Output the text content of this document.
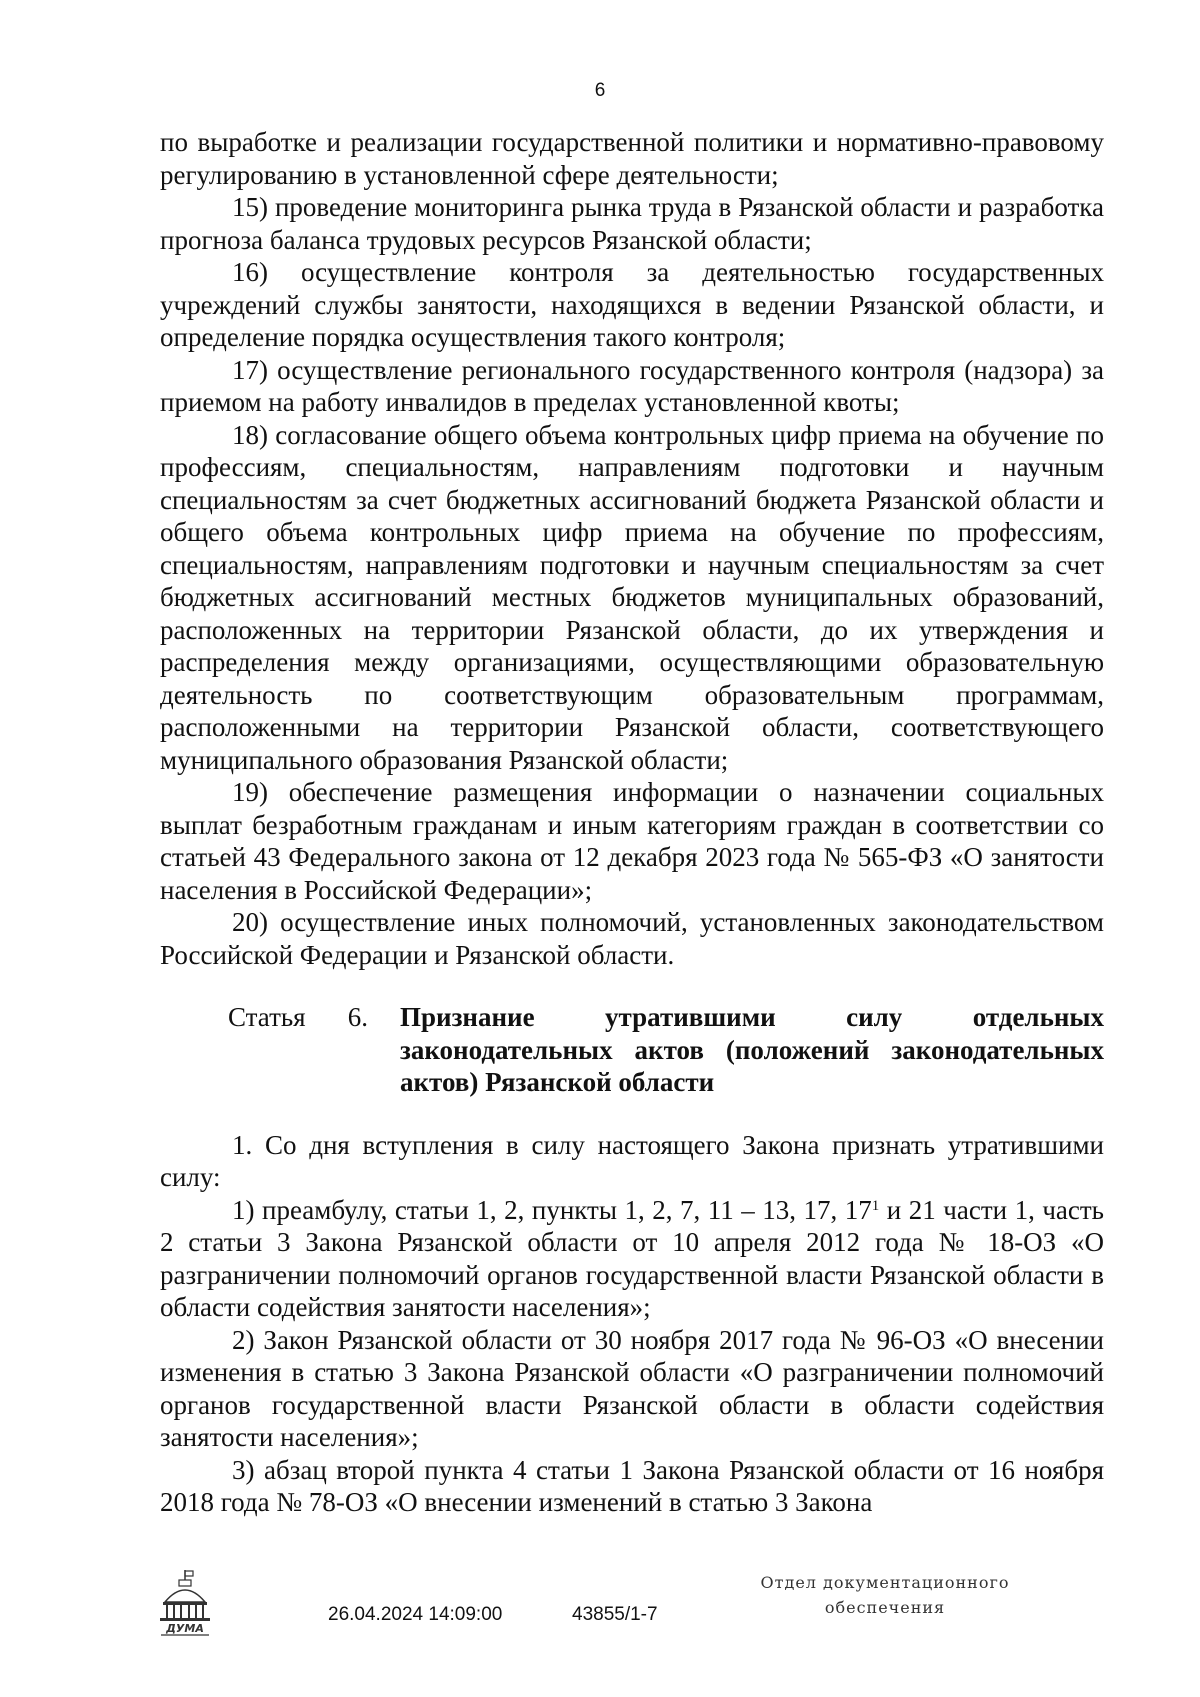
6

по выработке и реализации государственной политики и нормативно-правовому регулированию в установленной сфере деятельности;

15) проведение мониторинга рынка труда в Рязанской области и разработка прогноза баланса трудовых ресурсов Рязанской области;

16) осуществление контроля за деятельностью государственных учреждений службы занятости, находящихся в ведении Рязанской области, и определение порядка осуществления такого контроля;

17) осуществление регионального государственного контроля (надзора) за приемом на работу инвалидов в пределах установленной квоты;

18) согласование общего объема контрольных цифр приема на обучение по профессиям, специальностям, направлениям подготовки и научным специальностям за счет бюджетных ассигнований бюджета Рязанской области и общего объема контрольных цифр приема на обучение по профессиям, специальностям, направлениям подготовки и научным специальностям за счет бюджетных ассигнований местных бюджетов муниципальных образований, расположенных на территории Рязанской области, до их утверждения и распределения между организациями, осуществляющими образовательную деятельность по соответствующим образовательным программам, расположенными на территории Рязанской области, соответствующего муниципального образования Рязанской области;

19) обеспечение размещения информации о назначении социальных выплат безработным гражданам и иным категориям граждан в соответствии со статьей 43 Федерального закона от 12 декабря 2023 года № 565-ФЗ «О занятости населения в Российской Федерации»;

20) осуществление иных полномочий, установленных законодательством Российской Федерации и Рязанской области.

Статья 6. Признание утратившими силу отдельных законодательных актов (положений законодательных актов) Рязанской области

1. Со дня вступления в силу настоящего Закона признать утратившими силу:

1) преамбулу, статьи 1, 2, пункты 1, 2, 7, 11 – 13, 17, $17^1$ и 21 части 1, часть 2 статьи 3 Закона Рязанской области от 10 апреля 2012 года № 18-ОЗ «О разграничении полномочий органов государственной власти Рязанской области в области содействия занятости населения»;

2) Закон Рязанской области от 30 ноября 2017 года № 96-ОЗ «О внесении изменения в статью 3 Закона Рязанской области «О разграничении полномочий органов государственной власти Рязанской области в области содействия занятости населения»;

3) абзац второй пункта 4 статьи 1 Закона Рязанской области от 16 ноября 2018 года № 78-ОЗ «О внесении изменений в статью 3 Закона

ДУМА
26.04.2024 14:09:00	43855/1-7
Отдел документационного
обеспечения
